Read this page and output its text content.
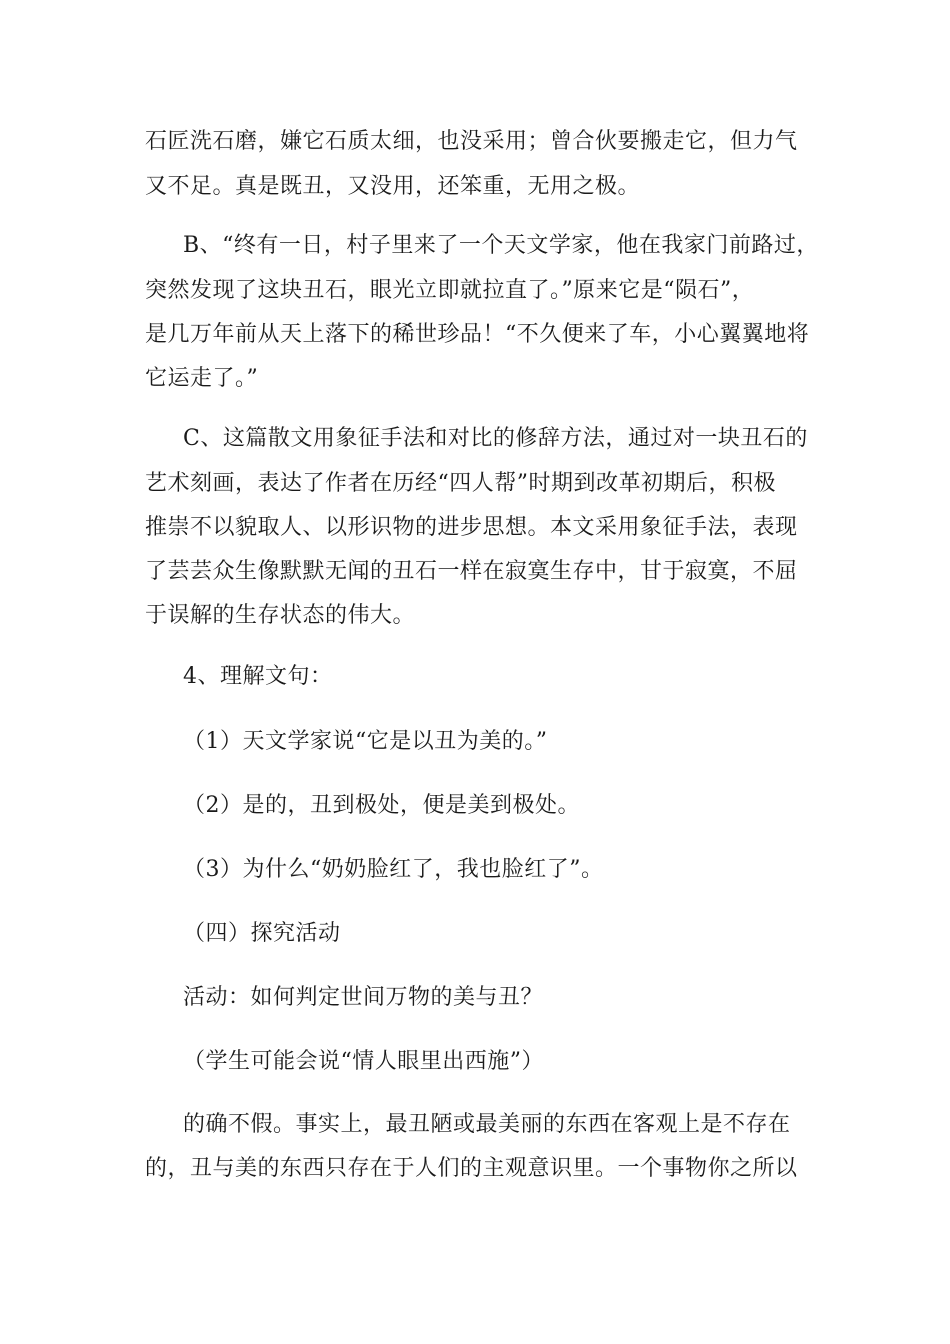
石匠洗石磨，嫌它石质太细，也没采用；曾合伙要搬走它，但力气
又不足。真是既丑，又没用，还笨重，无用之极。
B、“终有一日，村子里来了一个天文学家，他在我家门前路过，
突然发现了这块丑石，眼光立即就拉直了。”原来它是“陨石”，
是几万年前从天上落下的稀世珍品！“不久便来了车，小心翼翼地将
它运走了。”
C、这篇散文用象征手法和对比的修辞方法，通过对一块丑石的
艺术刻画，表达了作者在历经“四人帮”时期到改革初期后，积极
推崇不以貌取人、以形识物的进步思想。本文采用象征手法，表现
了芸芸众生像默默无闻的丑石一样在寂寞生存中，甘于寂寞，不屈
于误解的生存状态的伟大。
4、理解文句：
（1）天文学家说“它是以丑为美的。”
（2）是的，丑到极处，便是美到极处。
（3）为什么“奶奶脸红了，我也脸红了”。
（四）探究活动
活动：如何判定世间万物的美与丑？
（学生可能会说“情人眼里出西施”）
的确不假。事实上，最丑陋或最美丽的东西在客观上是不存在
的，丑与美的东西只存在于人们的主观意识里。一个事物你之所以
